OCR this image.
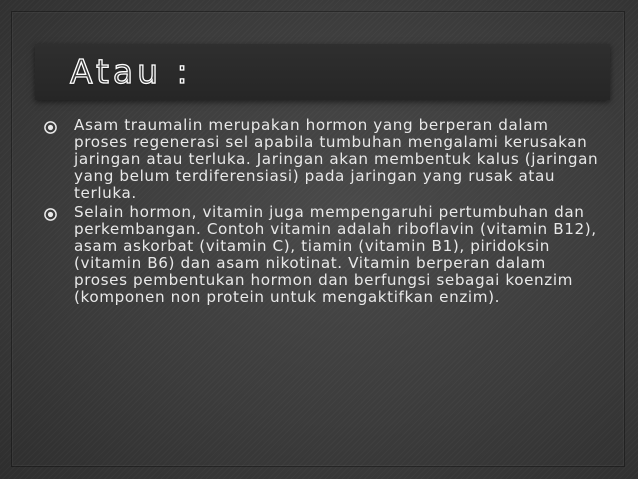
Atau :
Asam traumalin merupakan hormon yang berperan dalam proses regenerasi sel apabila tumbuhan mengalami kerusakan jaringan atau terluka. Jaringan akan membentuk kalus (jaringan yang belum terdiferensiasi) pada jaringan yang rusak atau terluka.
Selain hormon, vitamin juga mempengaruhi pertumbuhan dan perkembangan. Contoh vitamin adalah riboflavin (vitamin B12), asam askorbat (vitamin C), tiamin (vitamin B1), piridoksin (vitamin B6) dan asam nikotinat. Vitamin berperan dalam proses pembentukan hormon dan berfungsi sebagai koenzim (komponen non protein untuk mengaktifkan enzim).
